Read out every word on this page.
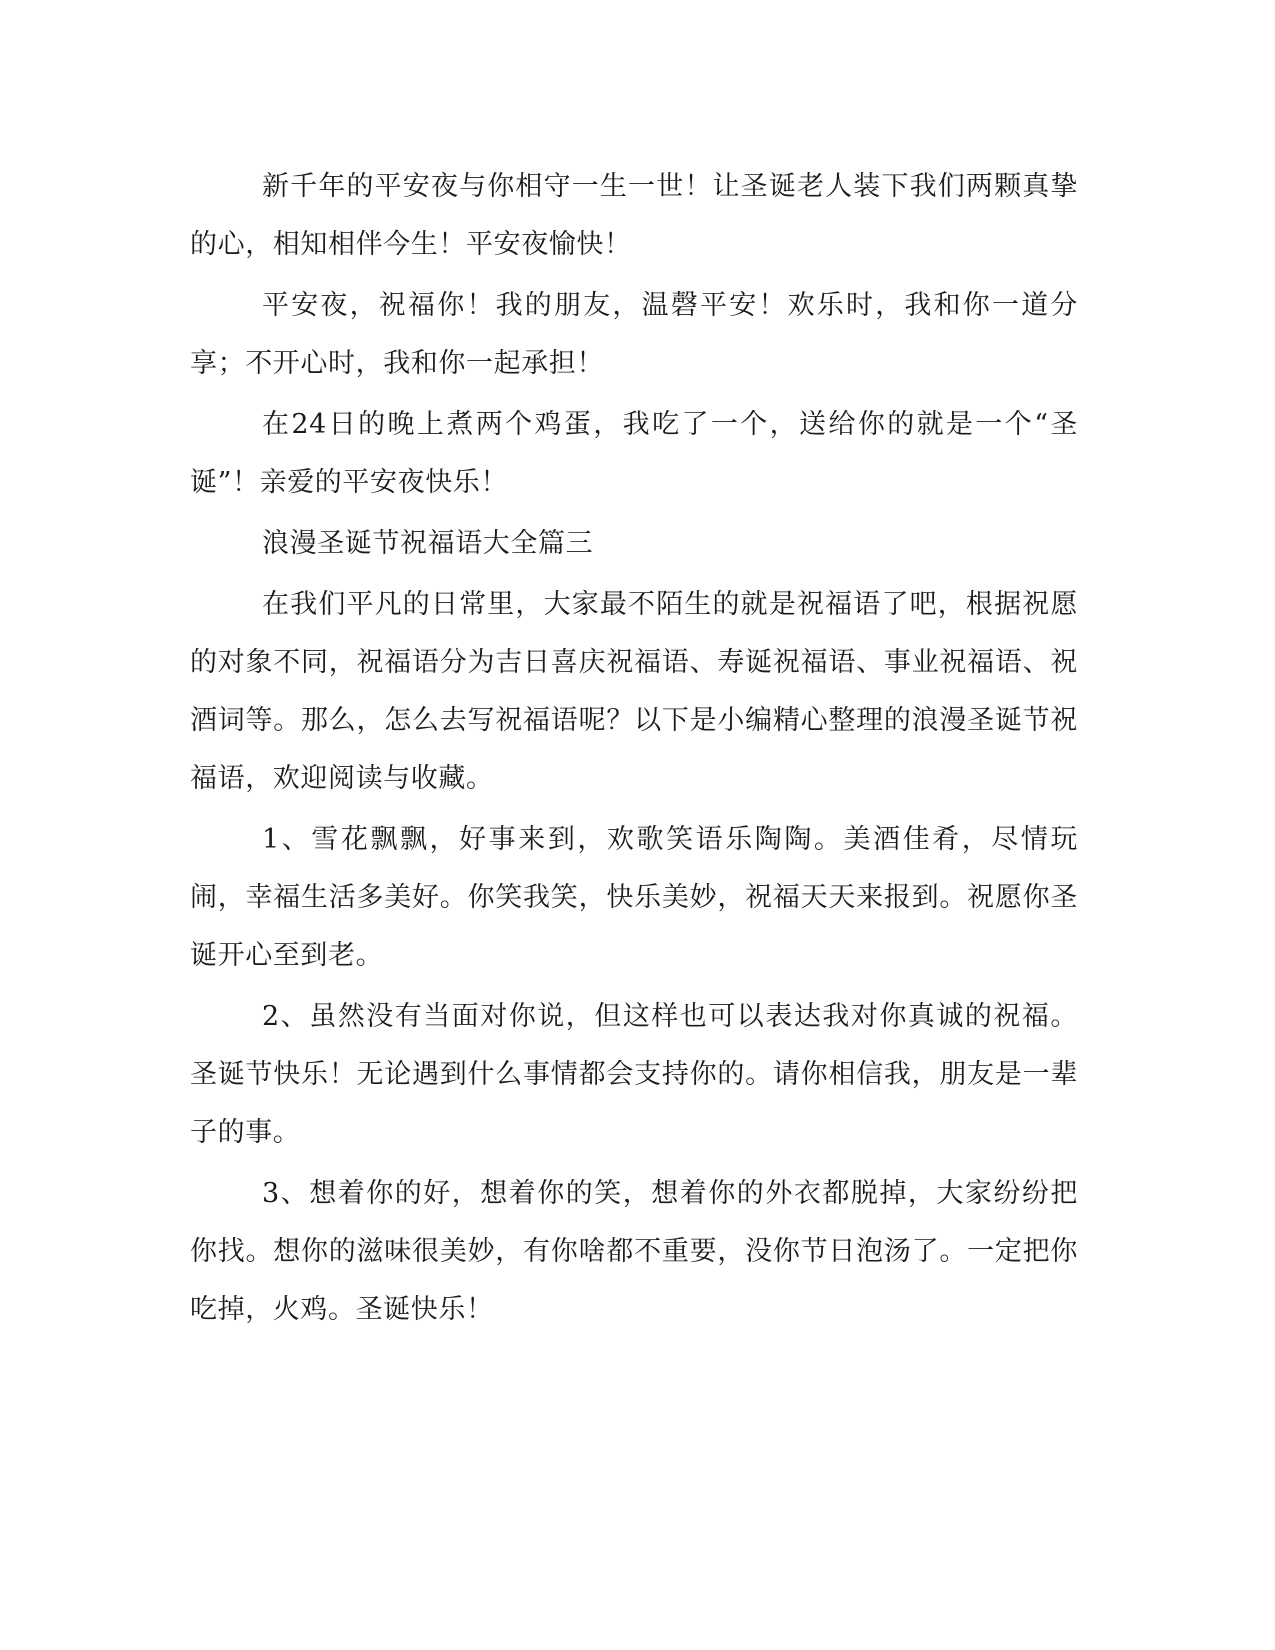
新千年的平安夜与你相守一生一世！让圣诞老人装下我们两颗真挚的心，相知相伴今生！平安夜愉快！

平安夜，祝福你！我的朋友，温磬平安！欢乐时，我和你一道分享；不开心时，我和你一起承担！

在24日的晚上煮两个鸡蛋，我吃了一个，送给你的就是一个“圣诞”！亲爱的平安夜快乐！

浪漫圣诞节祝福语大全篇三

在我们平凡的日常里，大家最不陌生的就是祝福语了吧，根据祝愿的对象不同，祝福语分为吉日喜庆祝福语、寿诞祝福语、事业祝福语、祝酒词等。那么，怎么去写祝福语呢？以下是小编精心整理的浪漫圣诞节祝福语，欢迎阅读与收藏。

1、雪花飘飘，好事来到，欢歌笑语乐陶陶。美酒佳肴，尽情玩闹，幸福生活多美好。你笑我笑，快乐美妙，祝福天天来报到。祝愿你圣诞开心至到老。

2、虽然没有当面对你说，但这样也可以表达我对你真诚的祝福。圣诞节快乐！无论遇到什么事情都会支持你的。请你相信我，朋友是一辈子的事。

3、想着你的好，想着你的笑，想着你的外衣都脱掉，大家纷纷把你找。想你的滋味很美妙，有你啥都不重要，没你节日泡汤了。一定把你吃掉，火鸡。圣诞快乐！
